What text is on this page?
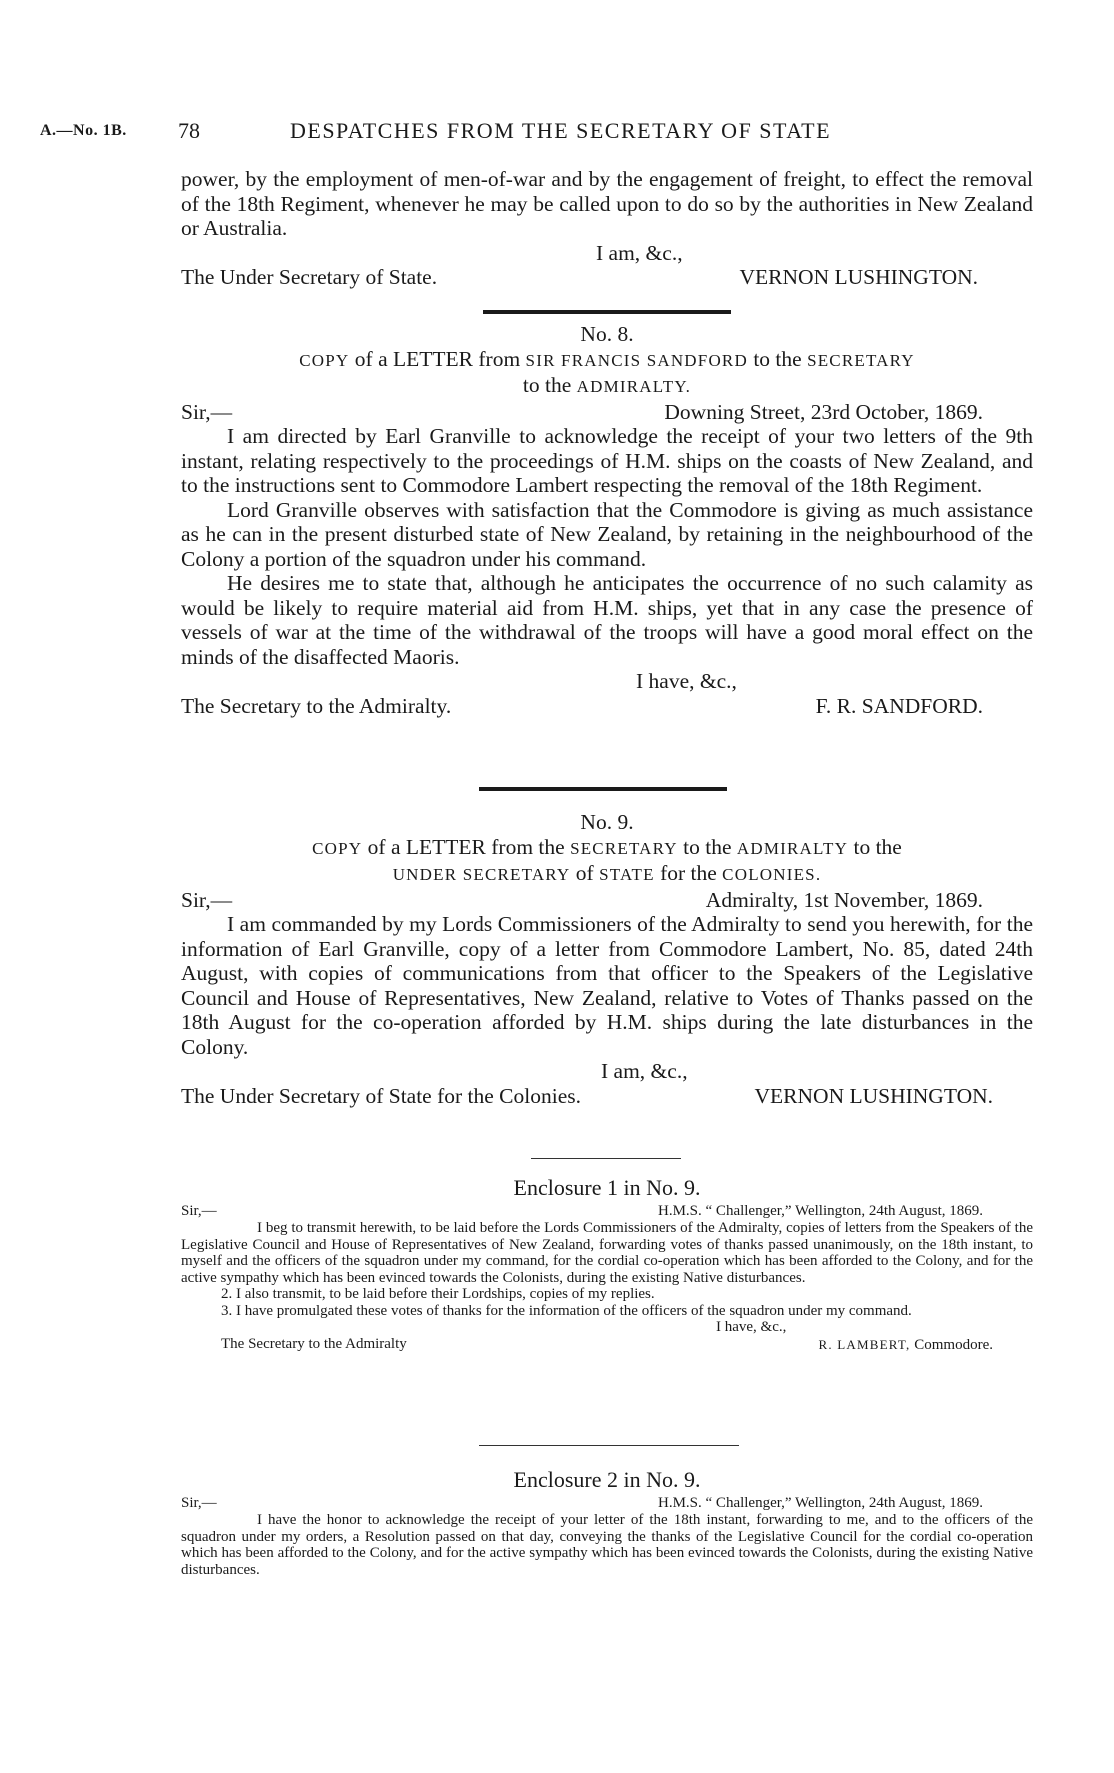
A.—No. 1B. 78	DESPATCHES FROM THE SECRETARY OF STATE

power, by the employment of men-of-war and by the engagement of freight, to effect the removal of the 18th Regiment, whenever he may be called upon to do so by the authorities in New Zealand or Australia.

I am, &c.,
The Under Secretary of State.	VERNON LUSHINGTON.
No. 8.
COPY of a LETTER from SIR FRANCIS SANDFORD to the SECRETARY
to the ADMIRALTY.
Sir,—	Downing Street, 23rd October, 1869.

I am directed by Earl Granville to acknowledge the receipt of your two letters of the 9th instant, relating respectively to the proceedings of H.M. ships on the coasts of New Zealand, and to the instructions sent to Commodore Lambert respecting the removal of the 18th Regiment.

Lord Granville observes with satisfaction that the Commodore is giving as much assistance as he can in the present disturbed state of New Zealand, by retaining in the neighbourhood of the Colony a portion of the squadron under his command.

He desires me to state that, although he anticipates the occurrence of no such calamity as would be likely to require material aid from H.M. ships, yet that in any case the presence of vessels of war at the time of the withdrawal of the troops will have a good moral effect on the minds of the disaffected Maoris.

I have, &c.,
The Secretary to the Admiralty.	F. R. SANDFORD.
No. 9.
COPY of a LETTER from the SECRETARY to the ADMIRALTY to the
UNDER SECRETARY of STATE for the COLONIES.
Sir,—	Admiralty, 1st November, 1869.

I am commanded by my Lords Commissioners of the Admiralty to send you herewith, for the information of Earl Granville, copy of a letter from Commodore Lambert, No. 85, dated 24th August, with copies of communications from that officer to the Speakers of the Legislative Council and House of Representatives, New Zealand, relative to Votes of Thanks passed on the 18th August for the co-operation afforded by H.M. ships during the late disturbances in the Colony.

I am, &c.,
The Under Secretary of State for the Colonies.	VERNON LUSHINGTON.
Enclosure 1 in No. 9.
Sir,—	H.M.S. “ Challenger,” Wellington, 24th August, 1869.

I beg to transmit herewith, to be laid before the Lords Commissioners of the Admiralty, copies of letters from the Speakers of the Legislative Council and House of Representatives of New Zealand, forwarding votes of thanks passed unanimously, on the 18th instant, to myself and the officers of the squadron under my command, for the cordial co-operation which has been afforded to the Colony, and for the active sympathy which has been evinced towards the Colonists, during the existing Native disturbances.

2. I also transmit, to be laid before their Lordships, copies of my replies.

3. I have promulgated these votes of thanks for the information of the officers of the squadron under my command.

I have, &c.,
The Secretary to the Admiralty	R. LAMBERT, Commodore.
Enclosure 2 in No. 9.
Sir,—	H.M.S. “ Challenger,” Wellington, 24th August, 1869.

I have the honor to acknowledge the receipt of your letter of the 18th instant, forwarding to me, and to the officers of the squadron under my orders, a Resolution passed on that day, conveying the thanks of the Legislative Council for the cordial co-operation which has been afforded to the Colony, and for the active sympathy which has been evinced towards the Colonists, during the existing Native disturbances.
